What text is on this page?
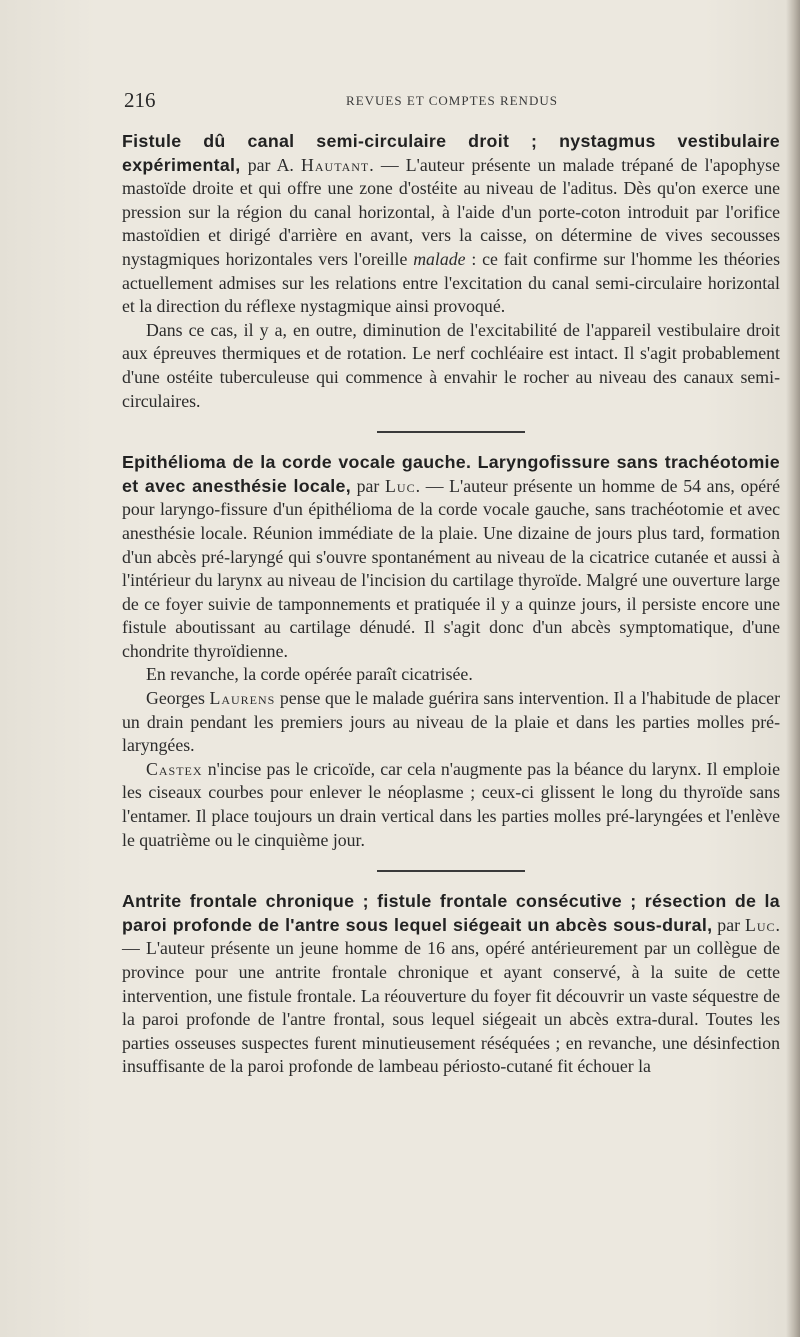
216	REVUES ET COMPTES RENDUS

Fistule dû canal semi-circulaire droit ; nystagmus vestibulaire expérimental, par A. Hautant. — L'auteur présente un malade trépané de l'apophyse mastoïde droite et qui offre une zone d'ostéite au niveau de l'aditus. Dès qu'on exerce une pression sur la région du canal horizontal, à l'aide d'un porte-coton introduit par l'orifice mastoïdien et dirigé d'arrière en avant, vers la caisse, on détermine de vives secousses nystagmiques horizontales vers l'oreille malade : ce fait confirme sur l'homme les théories actuellement admises sur les relations entre l'excitation du canal semi-circulaire horizontal et la direction du réflexe nystagmique ainsi provoqué.

Dans ce cas, il y a, en outre, diminution de l'excitabilité de l'appareil vestibulaire droit aux épreuves thermiques et de rotation. Le nerf cochléaire est intact. Il s'agit probablement d'une ostéite tuberculeuse qui commence à envahir le rocher au niveau des canaux semi-circulaires.

Epithélioma de la corde vocale gauche. Laryngofissure sans trachéotomie et avec anesthésie locale, par Luc. — L'auteur présente un homme de 54 ans, opéré pour laryngo-fissure d'un épithélioma de la corde vocale gauche, sans trachéotomie et avec anesthésie locale. Réunion immédiate de la plaie. Une dizaine de jours plus tard, formation d'un abcès pré-laryngé qui s'ouvre spontanément au niveau de la cicatrice cutanée et aussi à l'intérieur du larynx au niveau de l'incision du cartilage thyroïde. Malgré une ouverture large de ce foyer suivie de tamponnements et pratiquée il y a quinze jours, il persiste encore une fistule aboutissant au cartilage dénudé. Il s'agit donc d'un abcès symptomatique, d'une chondrite thyroïdienne.

En revanche, la corde opérée paraît cicatrisée.

Georges Laurens pense que le malade guérira sans intervention. Il a l'habitude de placer un drain pendant les premiers jours au niveau de la plaie et dans les parties molles pré-laryngées.

Castex n'incise pas le cricoïde, car cela n'augmente pas la béance du larynx. Il emploie les ciseaux courbes pour enlever le néoplasme ; ceux-ci glissent le long du thyroïde sans l'entamer. Il place toujours un drain vertical dans les parties molles pré-laryngées et l'enlève le quatrième ou le cinquième jour.

Antrite frontale chronique ; fistule frontale consécutive ; résection de la paroi profonde de l'antre sous lequel siégeait un abcès sous-dural, par Luc. — L'auteur présente un jeune homme de 16 ans, opéré antérieurement par un collègue de province pour une antrite frontale chronique et ayant conservé, à la suite de cette intervention, une fistule frontale. La réouverture du foyer fit découvrir un vaste séquestre de la paroi profonde de l'antre frontal, sous lequel siégeait un abcès extra-dural. Toutes les parties osseuses suspectes furent minutieusement réséquées ; en revanche, une désinfection insuffisante de la paroi profonde de lambeau périosto-cutané fit échouer la
